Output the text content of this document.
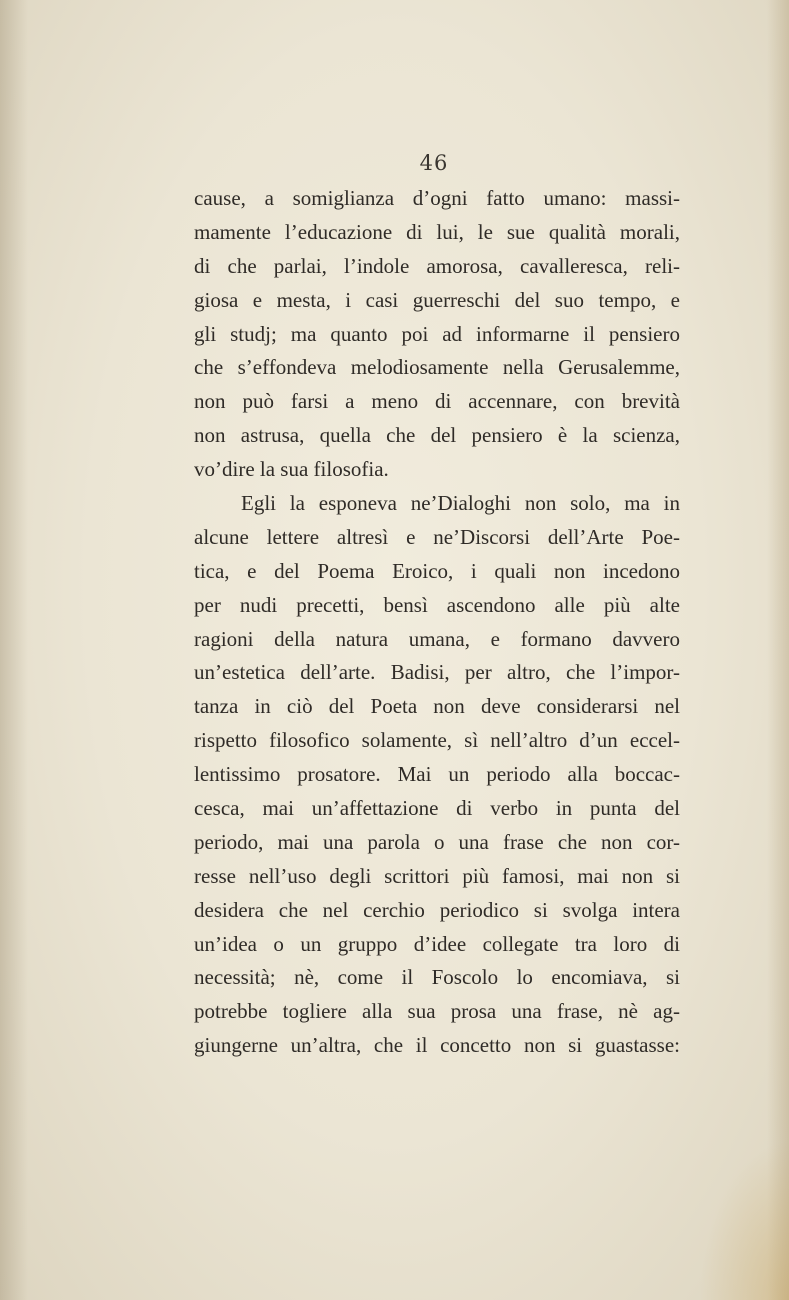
46
cause, a somiglianza d’ogni fatto umano: massi-
mamente l’educazione di lui, le sue qualità morali,
di che parlai, l’indole amorosa, cavalleresca, reli-
giosa e mesta, i casi guerreschi del suo tempo, e
gli studj; ma quanto poi ad informarne il pensiero
che s’effondeva melodiosamente nella Gerusalemme,
non può farsi a meno di accennare, con brevità
non astrusa, quella che del pensiero è la scienza,
vo’dire la sua filosofia.
Egli la esponeva ne’Dialoghi non solo, ma in
alcune lettere altresì e ne’Discorsi dell’Arte Poe-
tica, e del Poema Eroico, i quali non incedono
per nudi precetti, bensì ascendono alle più alte
ragioni della natura umana, e formano davvero
un’estetica dell’arte. Badisi, per altro, che l’impor-
tanza in ciò del Poeta non deve considerarsi nel
rispetto filosofico solamente, sì nell’altro d’un eccel-
lentissimo prosatore. Mai un periodo alla boccac-
cesca, mai un’affettazione di verbo in punta del
periodo, mai una parola o una frase che non cor-
resse nell’uso degli scrittori più famosi, mai non si
desidera che nel cerchio periodico si svolga intera
un’idea o un gruppo d’idee collegate tra loro di
necessità; nè, come il Foscolo lo encomiava, si
potrebbe togliere alla sua prosa una frase, nè ag-
giungerne un’altra, che il concetto non si guastasse:
